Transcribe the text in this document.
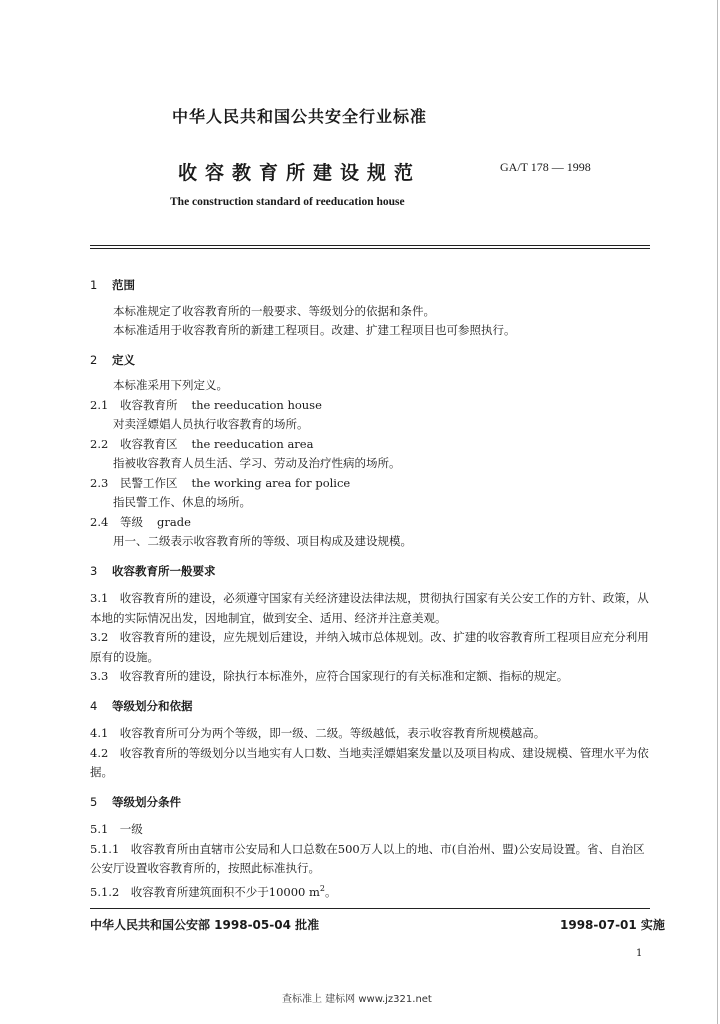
中华人民共和国公共安全行业标准
收容教育所建设规范	GA/T 178 — 1998
The construction standard of reeducation house

1 范围

本标准规定了收容教育所的一般要求、等级划分的依据和条件。

本标准适用于收容教育所的新建工程项目。改建、扩建工程项目也可参照执行。

2 定义

本标准采用下列定义。

2.1 收容教育所 the reeducation house

对卖淫嫖娼人员执行收容教育的场所。

2.2 收容教育区 the reeducation area

指被收容教育人员生活、学习、劳动及治疗性病的场所。

2.3 民警工作区 the working area for police

指民警工作、休息的场所。

2.4 等级 grade

用一、二级表示收容教育所的等级、项目构成及建设规模。

3 收容教育所一般要求

3.1　收容教育所的建设，必须遵守国家有关经济建设法律法规，贯彻执行国家有关公安工作的方针、政策，从本地的实际情况出发，因地制宜，做到安全、适用、经济并注意美观。

3.2　收容教育所的建设，应先规划后建设，并纳入城市总体规划。改、扩建的收容教育所工程项目应充分利用原有的设施。

3.3　收容教育所的建设，除执行本标准外，应符合国家现行的有关标准和定额、指标的规定。

4 等级划分和依据

4.1　收容教育所可分为两个等级，即一级、二级。等级越低，表示收容教育所规模越高。

4.2　收容教育所的等级划分以当地实有人口数、当地卖淫嫖娼案发量以及项目构成、建设规模、管理水平为依据。

5 等级划分条件

5.1　一级

5.1.1　收容教育所由直辖市公安局和人口总数在500万人以上的地、市(自治州、盟)公安局设置。省、自治区公安厅设置收容教育所的，按照此标准执行。

5.1.2　收容教育所建筑面积不少于10000 $m^2$。

中华人民共和国公安部 1998-05-04 批准	1998-07-01 实施
1
查标准上 建标网 www.jz321.net
